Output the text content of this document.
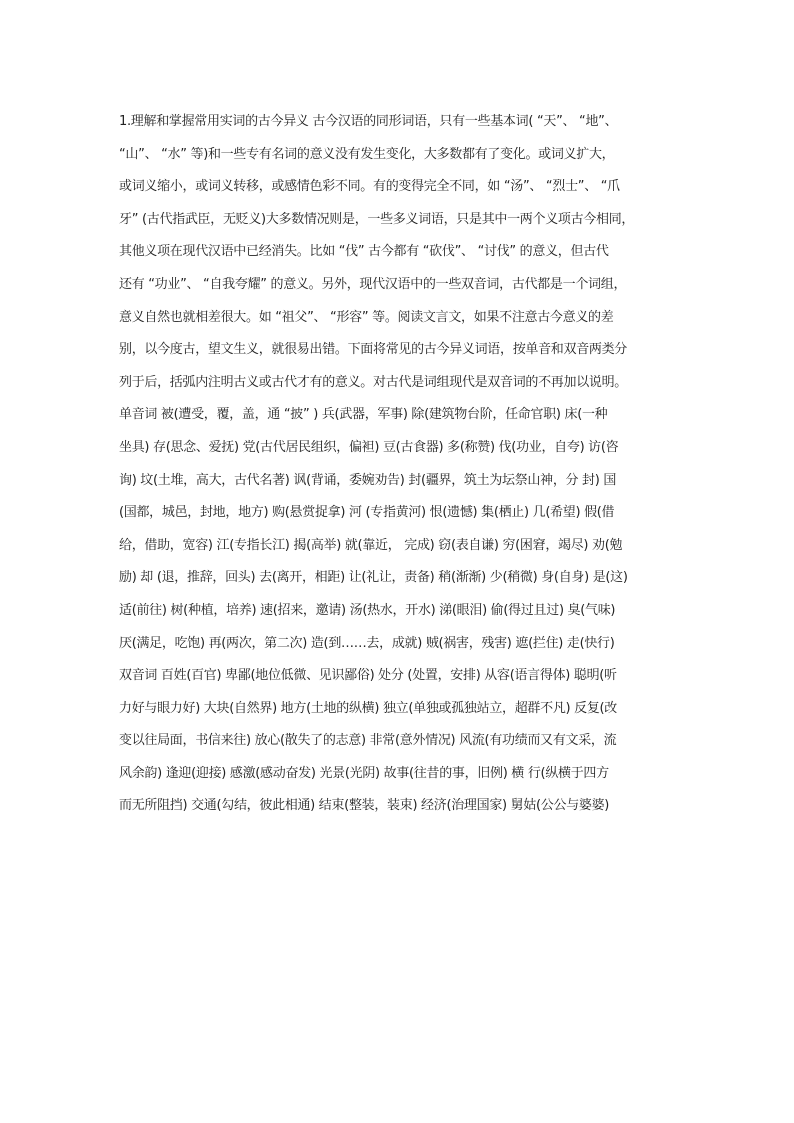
1.理解和掌握常用实词的古今异义 古今汉语的同形词语，只有一些基本词( “天”、 “地”、
“山”、 “水” 等)和一些专有名词的意义没有发生变化，大多数都有了变化。或词义扩大，
或词义缩小，或词义转移，或感情色彩不同。有的变得完全不同，如 “汤”、 “烈士”、 “爪
牙” (古代指武臣，无贬义)大多数情况则是，一些多义词语，只是其中一两个义项古今相同，
其他义项在现代汉语中已经消失。比如 “伐” 古今都有 “砍伐”、 “讨伐” 的意义，但古代
还有 “功业”、 “自我夸耀” 的意义。另外，现代汉语中的一些双音词，古代都是一个词组，
意义自然也就相差很大。如 “祖父”、 “形容” 等。阅读文言文，如果不注意古今意义的差
别，以今度古，望文生义，就很易出错。下面将常见的古今异义词语，按单音和双音两类分
列于后，括弧内注明古义或古代才有的意义。对古代是词组现代是双音词的不再加以说明。
单音词 被(遭受，覆，盖，通 “披” ) 兵(武器，军事) 除(建筑物台阶，任命官职) 床(一种
坐具) 存(思念、爱抚) 党(古代居民组织，偏袒) 豆(古食器) 多(称赞) 伐(功业，自夸) 访(咨
询) 坟(土堆，高大，古代名著) 讽(背诵，委婉劝告) 封(疆界，筑土为坛祭山神，分 封) 国
(国都，城邑，封地，地方) 购(悬赏捉拿) 河 (专指黄河) 恨(遗憾) 集(栖止) 几(希望) 假(借
给，借助，宽容) 江(专指长江) 揭(高举) 就(靠近， 完成) 窃(表自谦) 穷(困窘，竭尽) 劝(勉
励) 却 (退，推辞，回头) 去(离开，相距) 让(礼让，责备) 稍(渐渐) 少(稍微) 身(自身) 是(这)
适(前往) 树(种植，培养) 速(招来，邀请) 汤(热水，开水) 涕(眼泪) 偷(得过且过) 臭(气味)
厌(满足，吃饱) 再(两次，第二次) 造(到……去，成就) 贼(祸害，残害) 遮(拦住) 走(快行)
双音词 百姓(百官) 卑鄙(地位低微、见识鄙俗) 处分 (处置，安排) 从容(语言得体) 聪明(听
力好与眼力好) 大块(自然界) 地方(土地的纵横) 独立(单独或孤独站立，超群不凡) 反复(改
变以往局面，书信来往) 放心(散失了的志意) 非常(意外情况) 风流(有功绩而又有文采，流
风余韵) 逢迎(迎接) 感激(感动奋发) 光景(光阴) 故事(往昔的事，旧例) 横 行(纵横于四方
而无所阻挡) 交通(勾结，彼此相通) 结束(整装，装束) 经济(治理国家) 舅姑(公公与婆婆)
